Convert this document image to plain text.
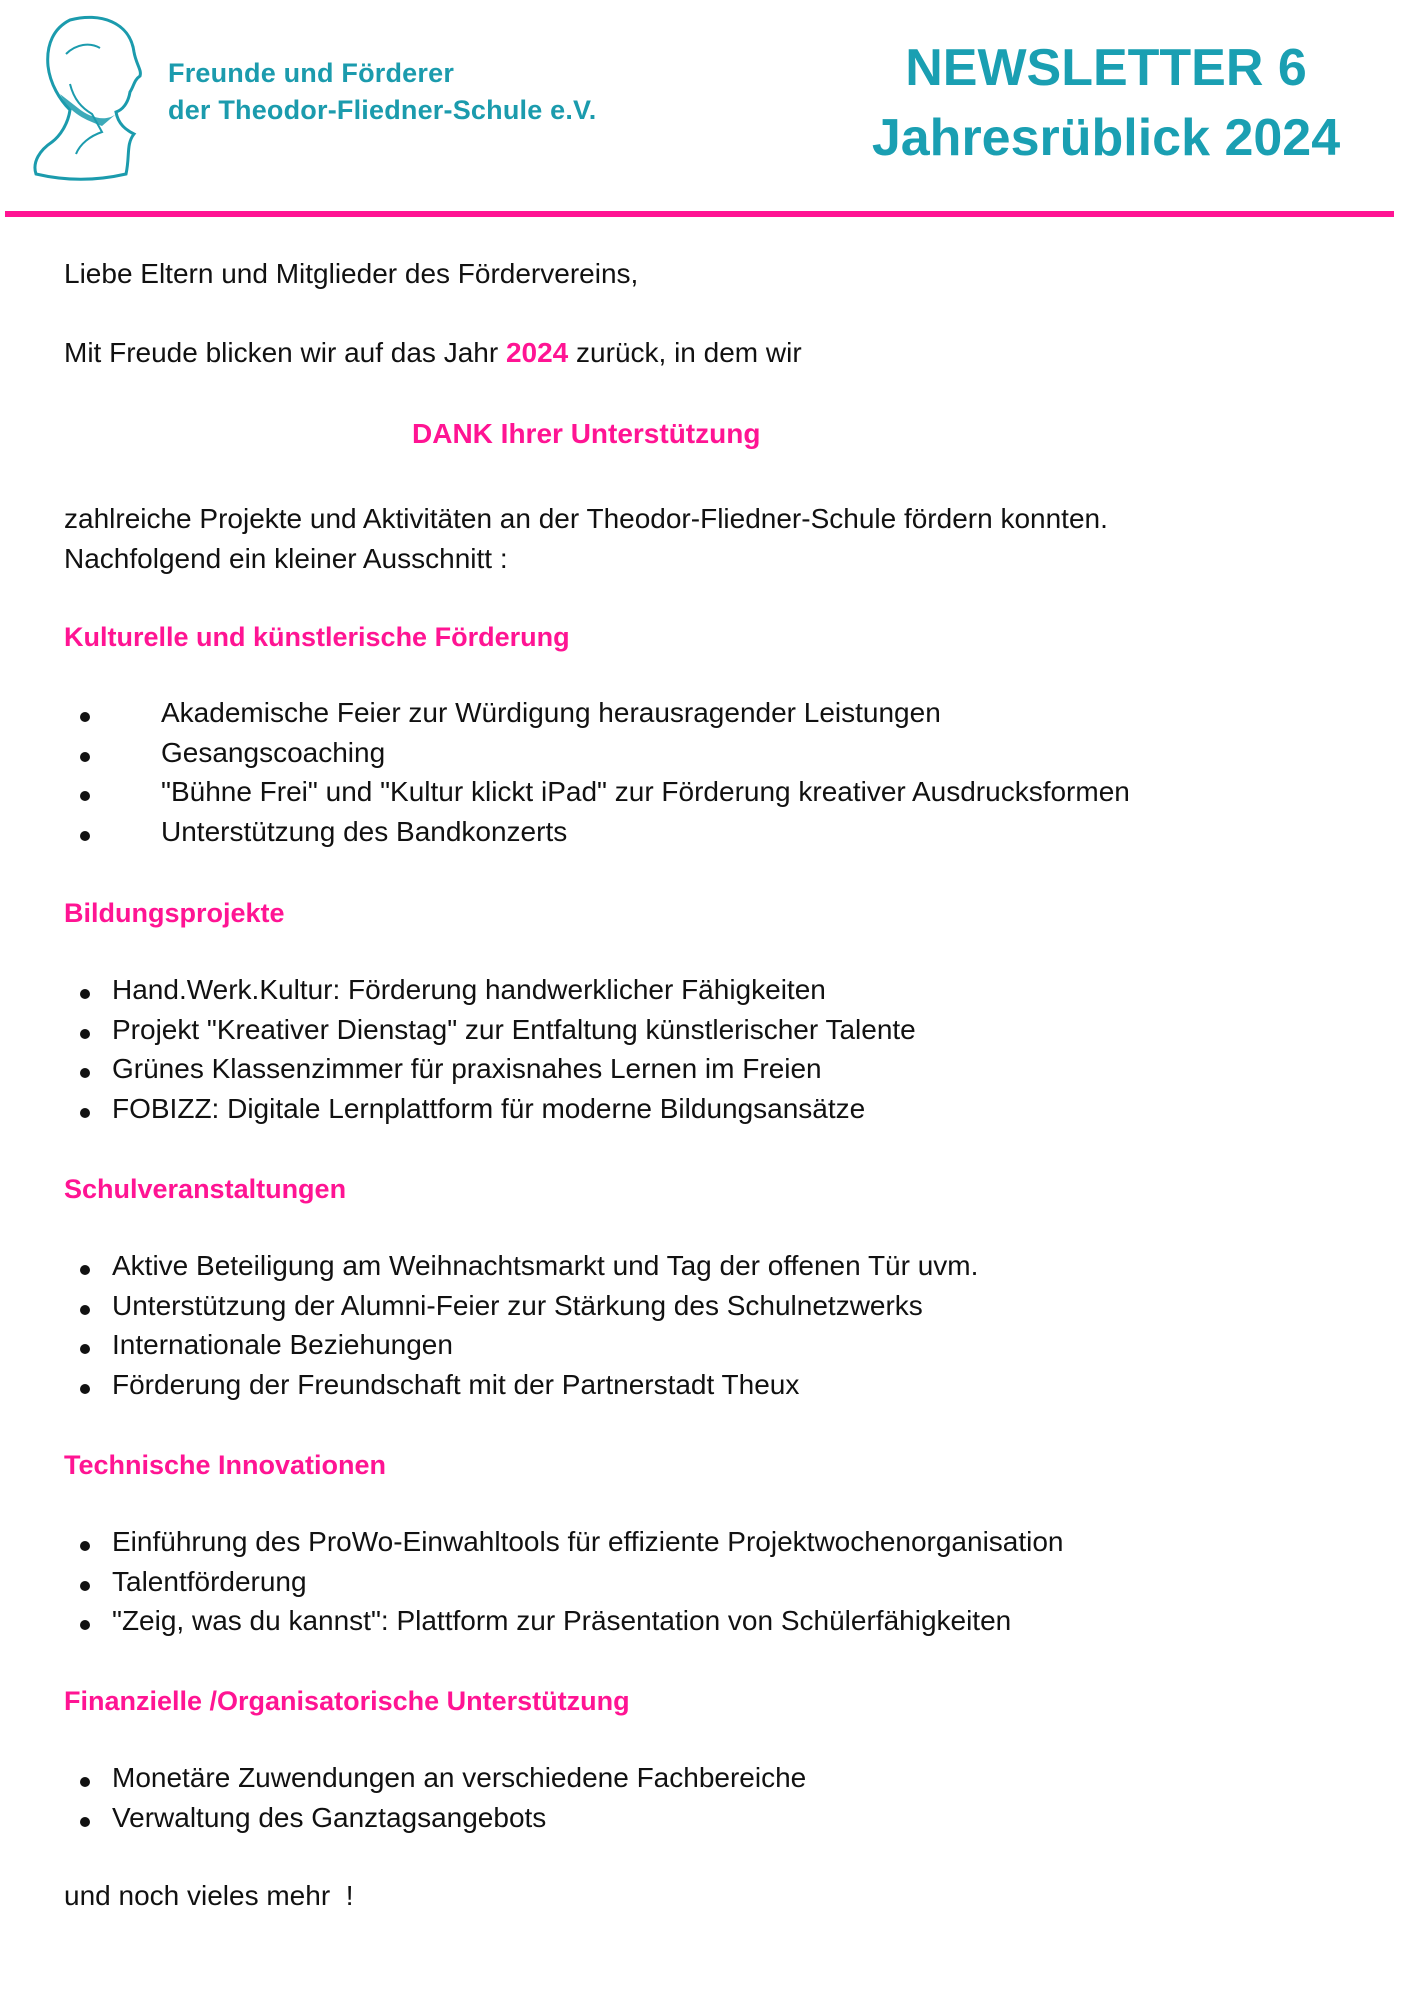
Freunde und Förderer
der Theodor-Fliedner-Schule e.V.
NEWSLETTER 6
Jahresrüblick 2024
Liebe Eltern und Mitglieder des Fördervereins,
Mit Freude blicken wir auf das Jahr 2024 zurück, in dem wir
DANK Ihrer Unterstützung
zahlreiche Projekte und Aktivitäten an der Theodor-Fliedner-Schule fördern konnten.
Nachfolgend ein kleiner Ausschnitt :
Kulturelle und künstlerische Förderung
Akademische Feier zur Würdigung herausragender Leistungen
Gesangscoaching
"Bühne Frei" und "Kultur klickt iPad" zur Förderung kreativer Ausdrucksformen
Unterstützung des Bandkonzerts
Bildungsprojekte
Hand.Werk.Kultur: Förderung handwerklicher Fähigkeiten
Projekt "Kreativer Dienstag" zur Entfaltung künstlerischer Talente
Grünes Klassenzimmer für praxisnahes Lernen im Freien
FOBIZZ: Digitale Lernplattform für moderne Bildungsansätze
Schulveranstaltungen
Aktive Beteiligung am Weihnachtsmarkt und Tag der offenen Tür uvm.
Unterstützung der Alumni-Feier zur Stärkung des Schulnetzwerks
Internationale Beziehungen
Förderung der Freundschaft mit der Partnerstadt Theux
Technische Innovationen
Einführung des ProWo-Einwahltools für effiziente Projektwochenorganisation
Talentförderung
"Zeig, was du kannst": Plattform zur Präsentation von Schülerfähigkeiten
Finanzielle /Organisatorische Unterstützung
Monetäre Zuwendungen an verschiedene Fachbereiche
Verwaltung des Ganztagsangebots
und noch vieles mehr  !
